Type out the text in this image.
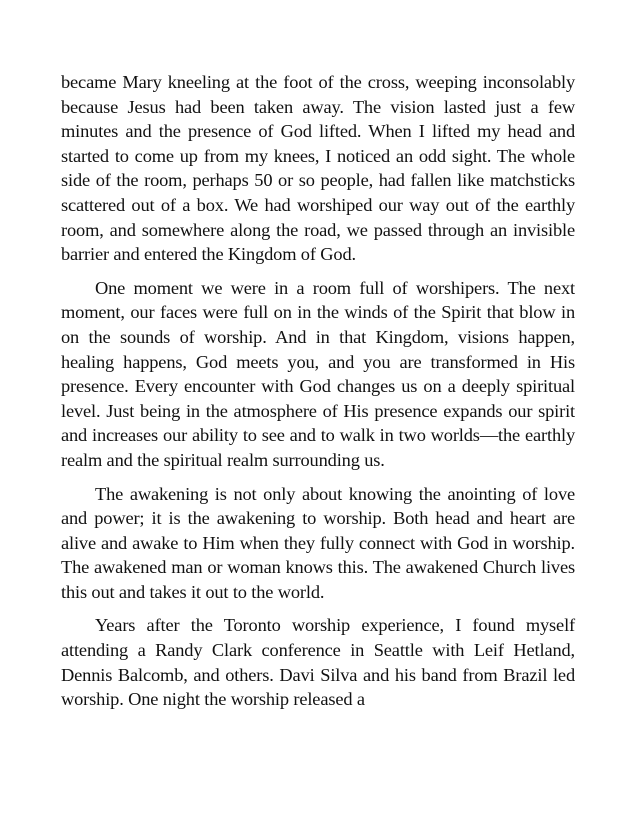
became Mary kneeling at the foot of the cross, weeping inconsolably because Jesus had been taken away. The vision lasted just a few minutes and the presence of God lifted. When I lifted my head and started to come up from my knees, I noticed an odd sight. The whole side of the room, perhaps 50 or so people, had fallen like matchsticks scattered out of a box. We had worshiped our way out of the earthly room, and somewhere along the road, we passed through an invisible barrier and entered the Kingdom of God.

One moment we were in a room full of worshipers. The next moment, our faces were full on in the winds of the Spirit that blow in on the sounds of worship. And in that Kingdom, visions happen, healing happens, God meets you, and you are transformed in His presence. Every encounter with God changes us on a deeply spiritual level. Just being in the atmosphere of His presence expands our spirit and increases our ability to see and to walk in two worlds—the earthly realm and the spiritual realm surrounding us.

The awakening is not only about knowing the anointing of love and power; it is the awakening to worship. Both head and heart are alive and awake to Him when they fully connect with God in worship. The awakened man or woman knows this. The awakened Church lives this out and takes it out to the world.

Years after the Toronto worship experience, I found myself attending a Randy Clark conference in Seattle with Leif Hetland, Dennis Balcomb, and others. Davi Silva and his band from Brazil led worship. One night the worship released a
